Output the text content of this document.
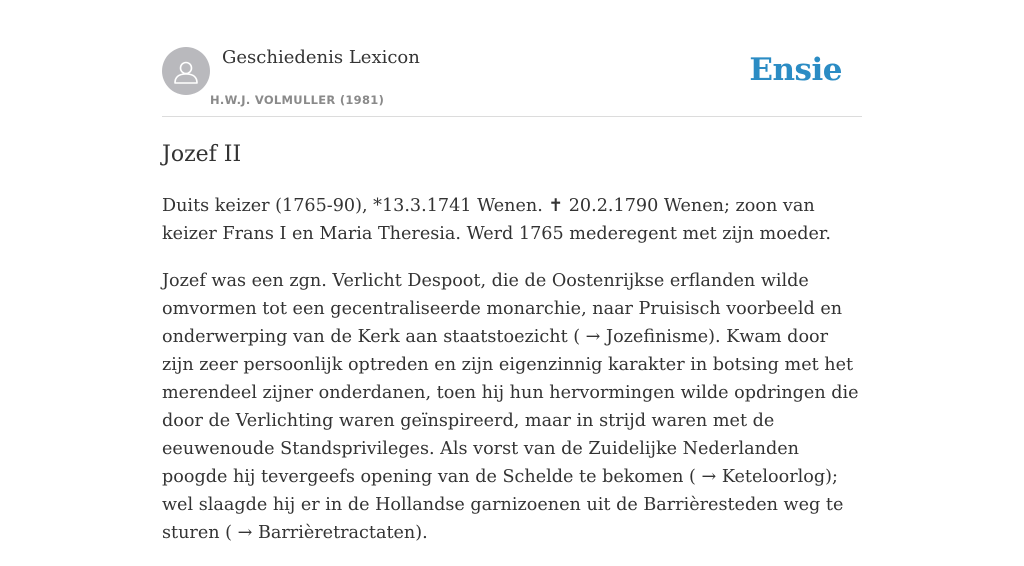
Geschiedenis Lexicon
H.W.J. VOLMULLER (1981)
Ensie
Jozef II

Duits keizer (1765-90), *13.3.1741 Wenen. ✝ 20.2.1790 Wenen; zoon van keizer Frans I en Maria Theresia. Werd 1765 mederegent met zijn moeder.

Jozef was een zgn. Verlicht Despoot, die de Oostenrijkse erflanden wilde omvormen tot een gecentraliseerde monarchie, naar Pruisisch voorbeeld en onderwerping van de Kerk aan staatstoezicht ( → Jozefinisme). Kwam door zijn zeer persoonlijk optreden en zijn eigenzinnig karakter in botsing met het merendeel zijner onderdanen, toen hij hun hervormingen wilde opdringen die door de Verlichting waren geïnspireerd, maar in strijd waren met de eeuwenoude Standsprivileges. Als vorst van de Zuidelijke Nederlanden poogde hij tevergeefs opening van de Schelde te bekomen ( → Keteloorlog); wel slaagde hij er in de Hollandse garnizoenen uit de Barrièresteden weg te sturen ( → Barrièretractaten).
